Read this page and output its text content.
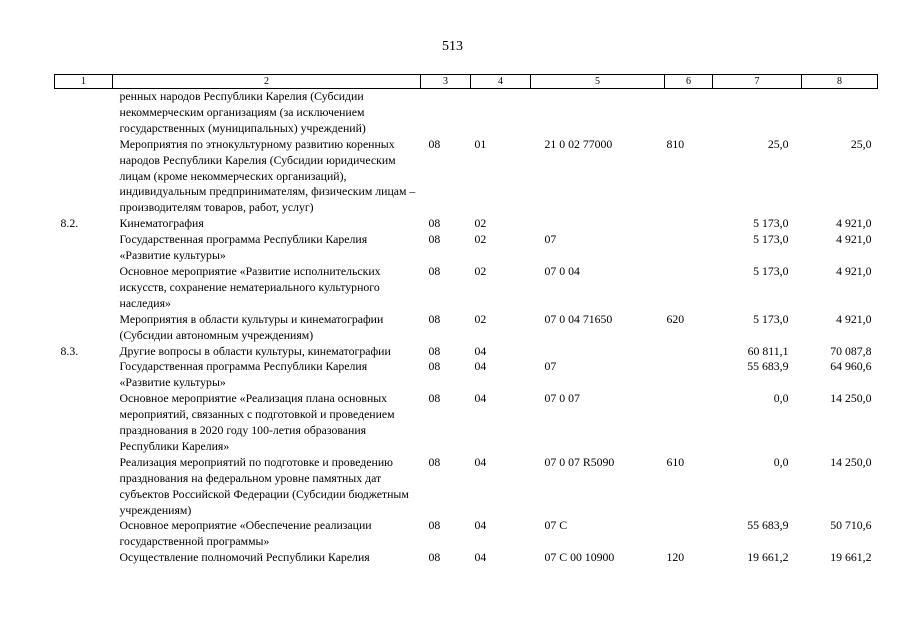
513
1	2	3	4	5	6	7	8
	ренных народов Республики Карелия (Субсидии некоммерческим организациям (за исключением государственных (муниципальных) учреждений)						
	Мероприятия по этнокультурному развитию коренных народов Республики Карелия (Субсидии юридическим лицам (кроме некоммерческих организаций), индивидуальным предпринимателям, физическим лицам – производителям товаров, работ, услуг)	08	01	21 0 02 77000	810	25,0	25,0
8.2.	Кинематография	08	02			5 173,0	4 921,0
	Государственная программа Республики Карелия «Развитие культуры»	08	02	07		5 173,0	4 921,0
	Основное мероприятие «Развитие исполнительских искусств, сохранение нематериального культурного наследия»	08	02	07 0 04		5 173,0	4 921,0
	Мероприятия в области культуры и кинематографии (Субсидии автономным учреждениям)	08	02	07 0 04 71650	620	5 173,0	4 921,0
8.3.	Другие вопросы в области культуры, кинематографии	08	04			60 811,1	70 087,8
	Государственная программа Республики Карелия «Развитие культуры»	08	04	07		55 683,9	64 960,6
	Основное мероприятие «Реализация плана основных мероприятий, связанных с подготовкой и проведением празднования в 2020 году 100-летия образования Республики Карелия»	08	04	07 0 07		0,0	14 250,0
	Реализация мероприятий по подготовке и проведению празднования на федеральном уровне памятных дат субъектов Российской Федерации (Субсидии бюджетным учреждениям)	08	04	07 0 07 R5090	610	0,0	14 250,0
	Основное мероприятие «Обеспечение реализации государственной программы»	08	04	07 С		55 683,9	50 710,6
	Осуществление полномочий Республики Карелия	08	04	07 С 00 10900	120	19 661,2	19 661,2
